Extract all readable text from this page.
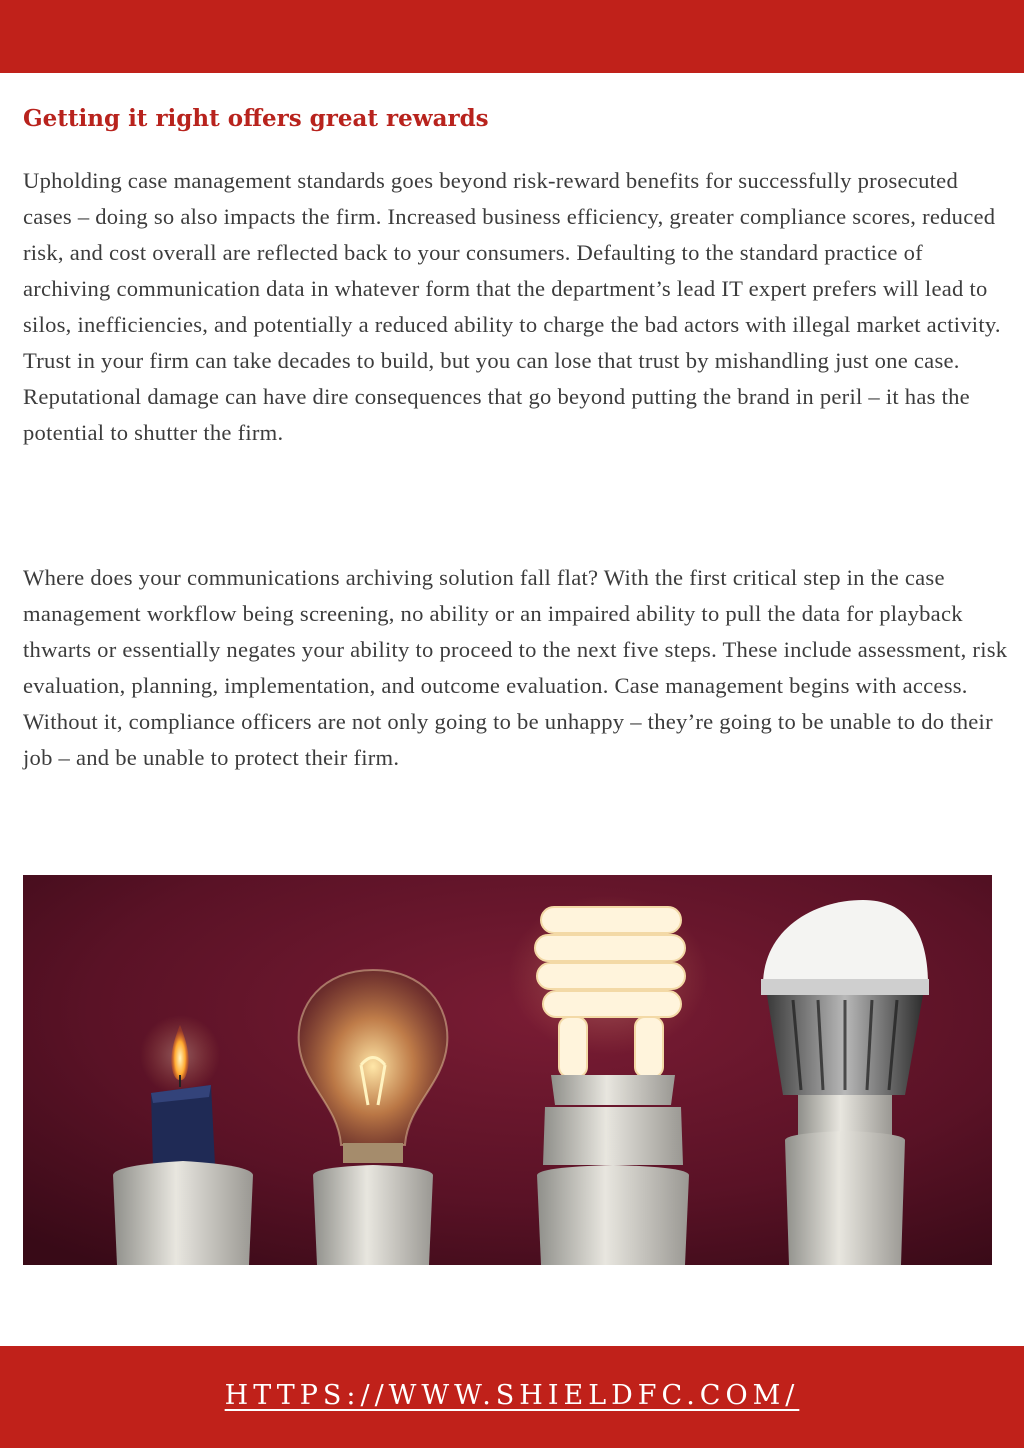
Getting it right offers great rewards

Upholding case management standards goes beyond risk-reward benefits for successfully prosecuted cases – doing so also impacts the firm. Increased business efficiency, greater compliance scores, reduced risk, and cost overall are reflected back to your consumers. Defaulting to the standard practice of archiving communication data in whatever form that the department’s lead IT expert prefers will lead to silos, inefficiencies, and potentially a reduced ability to charge the bad actors with illegal market activity. Trust in your firm can take decades to build, but you can lose that trust by mishandling just one case. Reputational damage can have dire consequences that go beyond putting the brand in peril – it has the potential to shutter the firm.

Where does your communications archiving solution fall flat? With the first critical step in the case management workflow being screening, no ability or an impaired ability to pull the data for playback thwarts or essentially negates your ability to proceed to the next five steps. These include assessment, risk evaluation, planning, implementation, and outcome evaluation. Case management begins with access. Without it, compliance officers are not only going to be unhappy – they’re going to be unable to do their job – and be unable to protect their firm.

HTTPS://WWW.SHIELDFC.COM/
